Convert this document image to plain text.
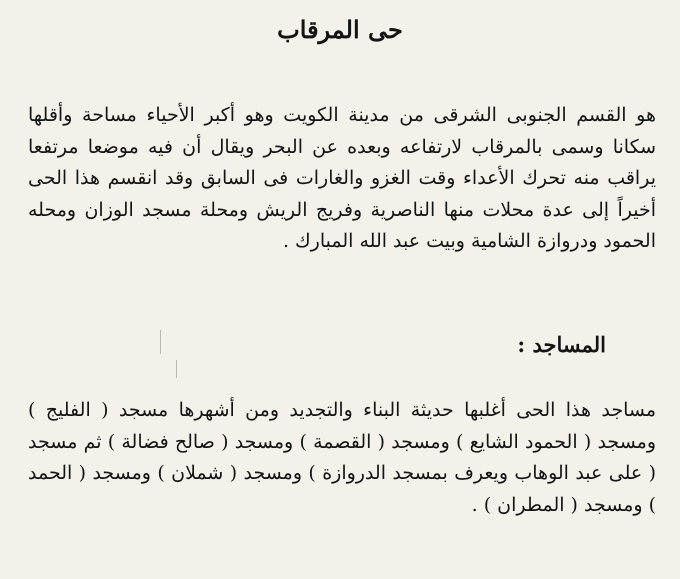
حى المرقاب

هو القسم الجنوبى الشرقى من مدينة الكويت وهو أكبر الأحياء مساحة وأقلها سكانا وسمى بالمرقاب لارتفاعه وبعده عن البحر ويقال أن فيه موضعا مرتفعا يراقب منه تحرك الأعداء وقت الغزو والغارات فى السابق وقد انقسم هذا الحى أخيراً إلى عدة محلات منها الناصرية وفريج الريش ومحلة مسجد الوزان ومحله الحمود ودروازة الشامية وبيت عبد الله المبارك .

المساجد :

مساجد هذا الحى أغلبها حديثة البناء والتجديد ومن أشهرها مسجد ( الفليج ) ومسجد ( الحمود الشايع ) ومسجد ( القصمة ) ومسجد ( صالح فضالة ) ثم مسجد ( على عبد الوهاب ويعرف بمسجد الدروازة ) ومسجد ( شملان ) ومسجد ( الحمد ) ومسجد ( المطران ) .
